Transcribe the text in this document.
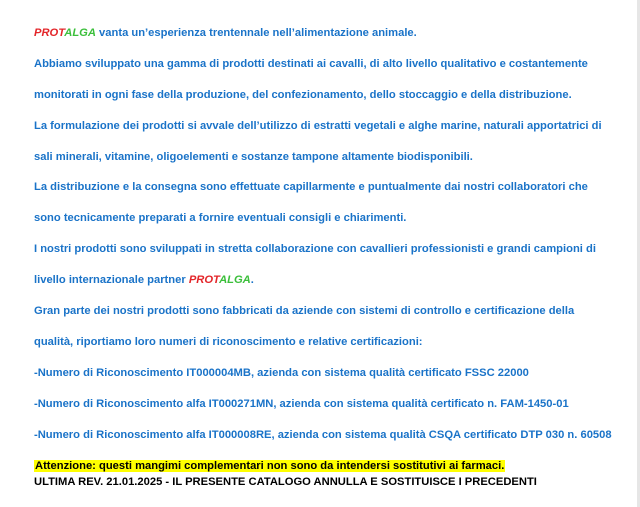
PROTALGA vanta un’esperienza trentennale nell’alimentazione animale.
Abbiamo sviluppato una gamma di prodotti destinati ai cavalli, di alto livello qualitativo e costantemente
monitorati in ogni fase della produzione, del confezionamento, dello stoccaggio e della distribuzione.
La formulazione dei prodotti si avvale dell’utilizzo di estratti vegetali e alghe marine, naturali apportatrici di
sali minerali, vitamine, oligoelementi e sostanze tampone altamente biodisponibili.
La distribuzione e la consegna sono effettuate capillarmente e puntualmente dai nostri collaboratori che
sono tecnicamente preparati a fornire eventuali consigli e chiarimenti.
I nostri prodotti sono sviluppati in stretta collaborazione con cavallieri professionisti e grandi campioni di
livello internazionale partner PROTALGA.
Gran parte dei nostri prodotti sono fabbricati da aziende con sistemi di controllo e certificazione della
qualità, riportiamo loro numeri di riconoscimento e relative certificazioni:
-Numero di Riconoscimento IT000004MB, azienda con sistema qualità certificato FSSC 22000
-Numero di Riconoscimento alfa IT000271MN, azienda con sistema qualità certificato n. FAM-1450-01
-Numero di Riconoscimento alfa IT000008RE, azienda con sistema qualità CSQA certificato DTP 030 n. 60508
Attenzione: questi mangimi complementari non sono da intendersi sostitutivi ai farmaci.
ULTIMA REV. 21.01.2025 - IL PRESENTE CATALOGO ANNULLA E SOSTITUISCE I PRECEDENTI
